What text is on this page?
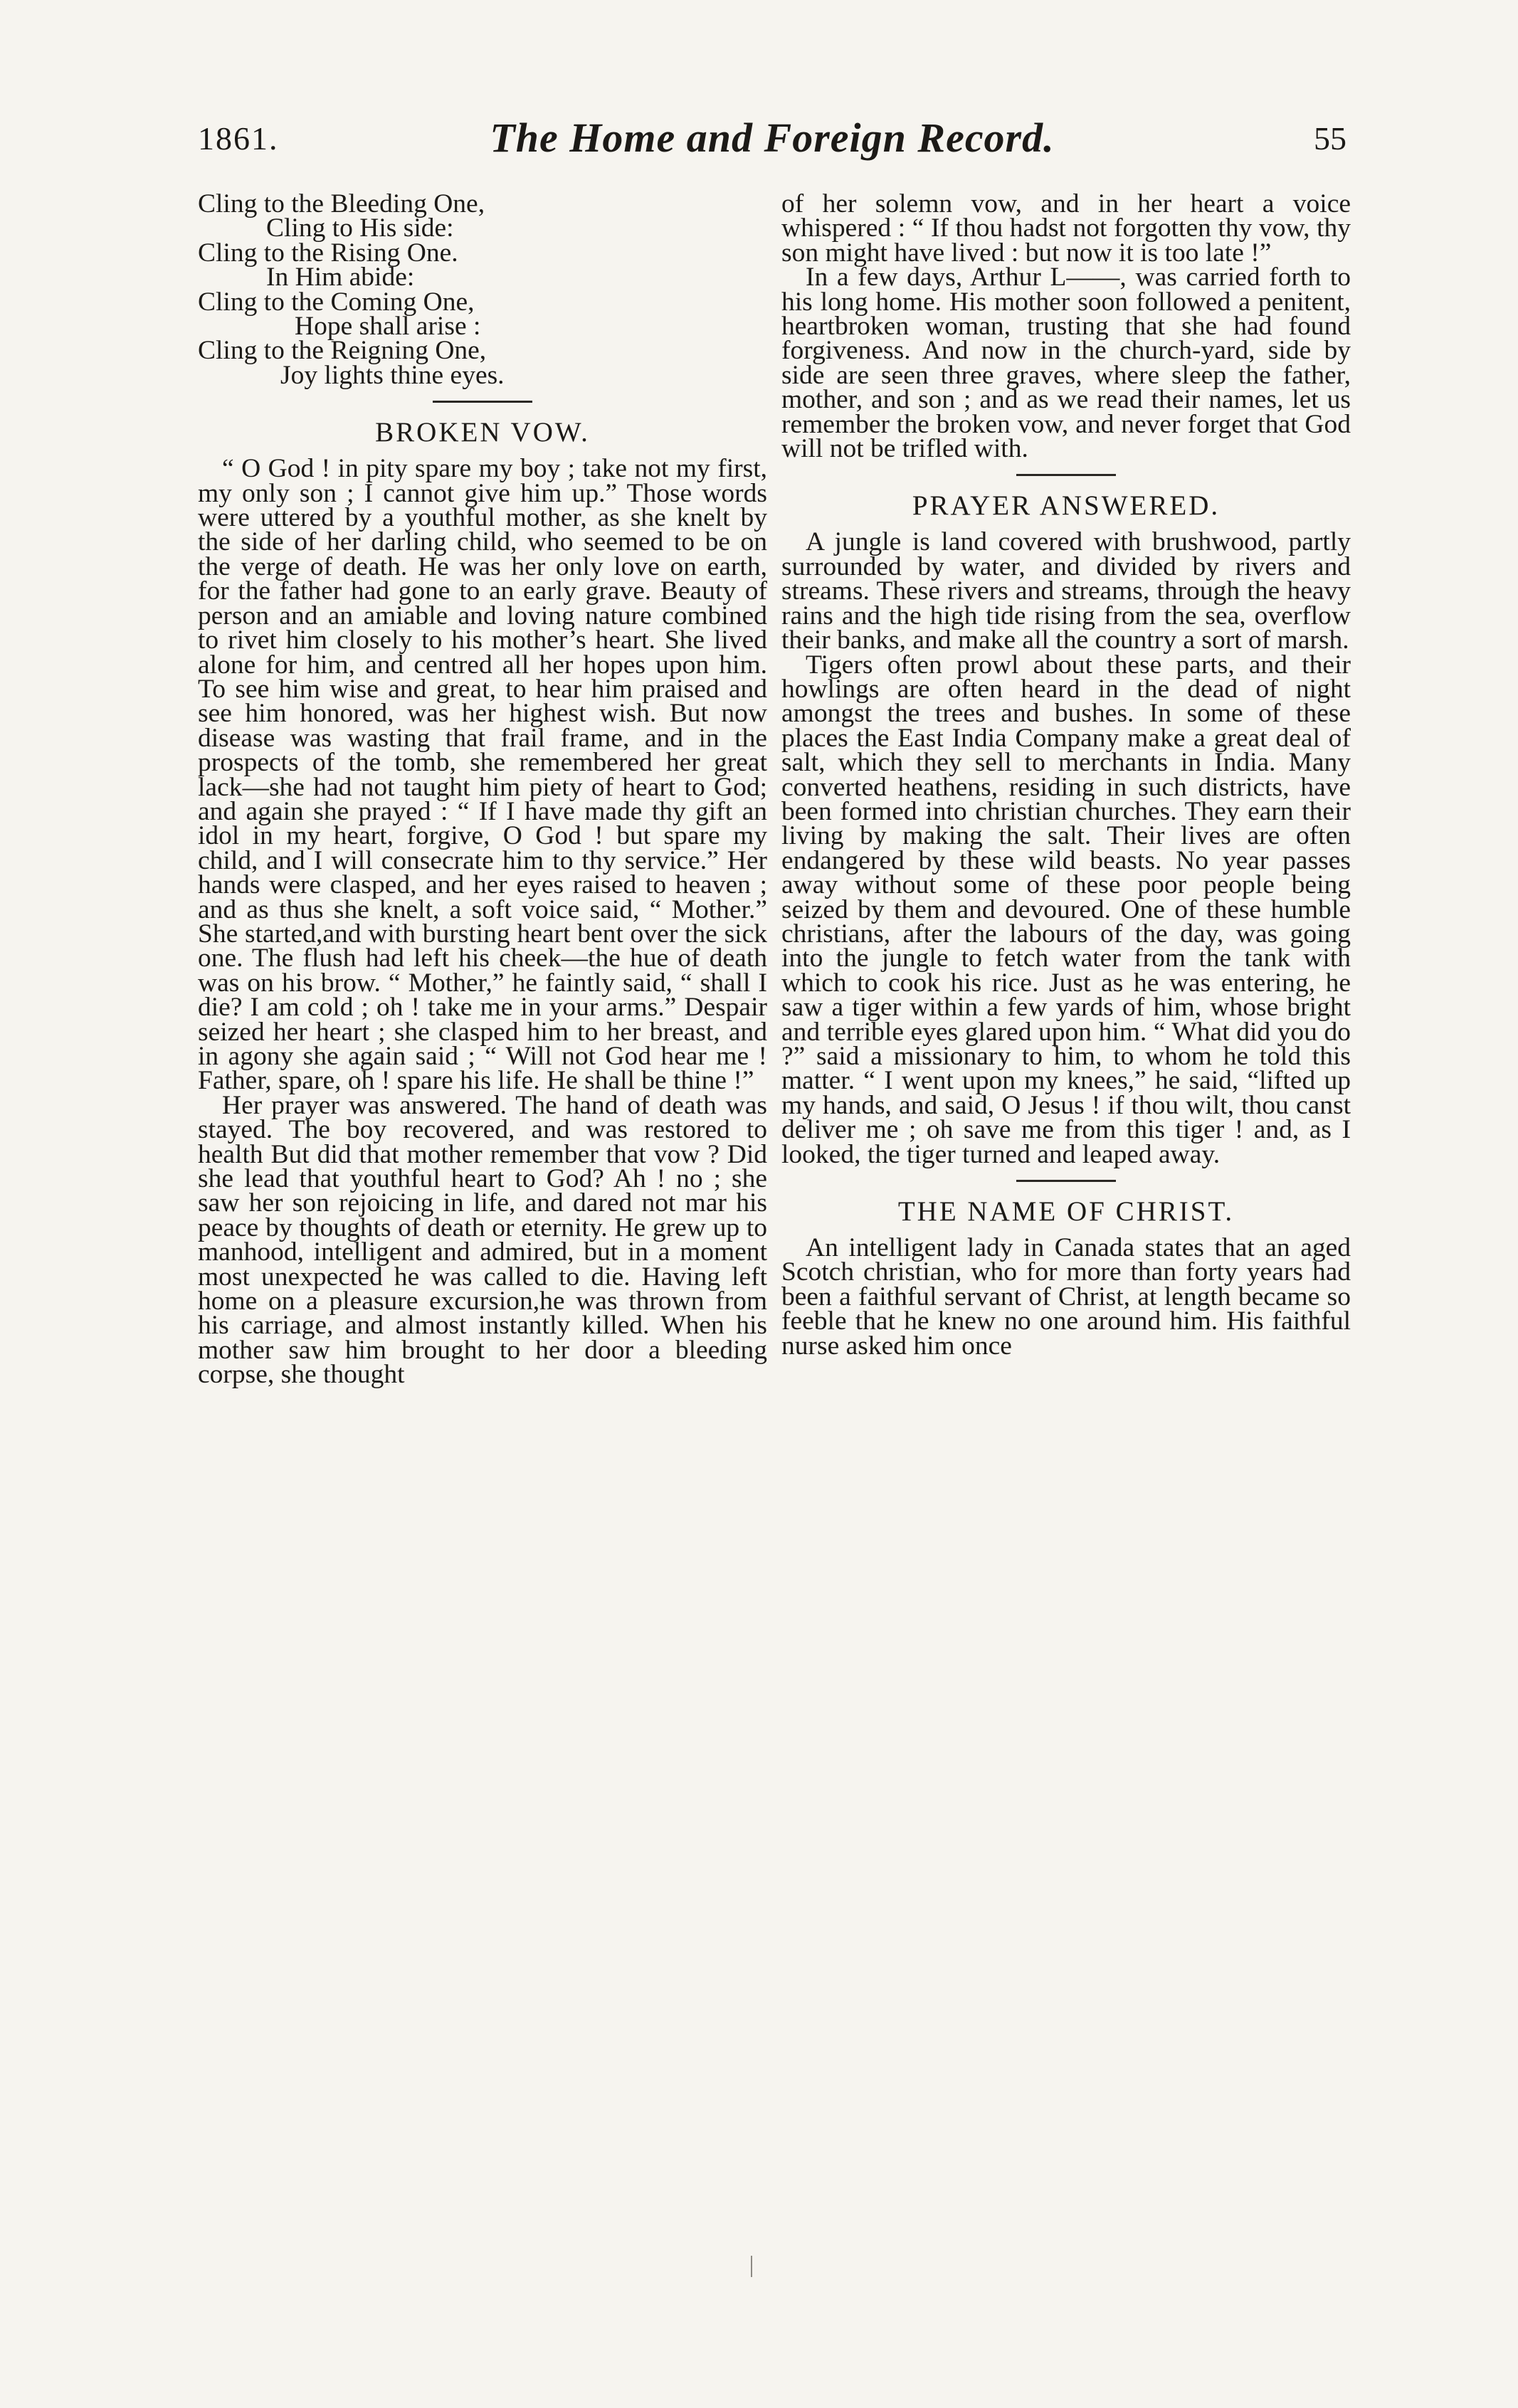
1861.	The Home and Foreign Record.	55
Cling to the Bleeding One,
Cling to His side:
Cling to the Rising One.
In Him abide:
Cling to the Coming One,
Hope shall arise :
Cling to the Reigning One,
Joy lights thine eyes.
BROKEN VOW.

“ O God ! in pity spare my boy ; take not my first, my only son ; I cannot give him up.” Those words were uttered by a youthful mother, as she knelt by the side of her darling child, who seemed to be on the verge of death. He was her only love on earth, for the father had gone to an early grave. Beauty of person and an amiable and loving nature combined to rivet him closely to his mother’s heart. She lived alone for him, and centred all her hopes upon him. To see him wise and great, to hear him praised and see him honored, was her highest wish. But now disease was wasting that frail frame, and in the prospects of the tomb, she remembered her great lack—she had not taught him piety of heart to God; and again she prayed : “ If I have made thy gift an idol in my heart, forgive, O God ! but spare my child, and I will consecrate him to thy service.” Her hands were clasped, and her eyes raised to heaven ; and as thus she knelt, a soft voice said, “ Mother.” She started,and with bursting heart bent over the sick one. The flush had left his cheek—the hue of death was on his brow. “ Mother,” he faintly said, “ shall I die? I am cold ; oh ! take me in your arms.” Despair seized her heart ; she clasped him to her breast, and in agony she again said ; “ Will not God hear me ! Father, spare, oh ! spare his life. He shall be thine !”

Her prayer was answered. The hand of death was stayed. The boy recovered, and was restored to health But did that mother remember that vow ? Did she lead that youthful heart to God? Ah ! no ; she saw her son rejoicing in life, and dared not mar his peace by thoughts of death or eternity. He grew up to manhood, intelligent and admired, but in a moment most unexpected he was called to die. Having left home on a pleasure excursion,he was thrown from his carriage, and almost instantly killed. When his mother saw him brought to her door a bleeding corpse, she thought

of her solemn vow, and in her heart a voice whispered : “ If thou hadst not forgotten thy vow, thy son might have lived : but now it is too late !”

In a few days, Arthur L——, was carried forth to his long home. His mother soon followed a penitent, heartbroken woman, trusting that she had found forgiveness. And now in the church-yard, side by side are seen three graves, where sleep the father, mother, and son ; and as we read their names, let us remember the broken vow, and never forget that God will not be trifled with.

PRAYER ANSWERED.

A jungle is land covered with brushwood, partly surrounded by water, and divided by rivers and streams. These rivers and streams, through the heavy rains and the high tide rising from the sea, overflow their banks, and make all the country a sort of marsh.

Tigers often prowl about these parts, and their howlings are often heard in the dead of night amongst the trees and bushes. In some of these places the East India Company make a great deal of salt, which they sell to merchants in India. Many converted heathens, residing in such districts, have been formed into christian churches. They earn their living by making the salt. Their lives are often endangered by these wild beasts. No year passes away without some of these poor people being seized by them and devoured. One of these humble christians, after the labours of the day, was going into the jungle to fetch water from the tank with which to cook his rice. Just as he was entering, he saw a tiger within a few yards of him, whose bright and terrible eyes glared upon him. “ What did you do ?” said a missionary to him, to whom he told this matter. “ I went upon my knees,” he said, “lifted up my hands, and said, O Jesus ! if thou wilt, thou canst deliver me ; oh save me from this tiger ! and, as I looked, the tiger turned and leaped away.

THE NAME OF CHRIST.

An intelligent lady in Canada states that an aged Scotch christian, who for more than forty years had been a faithful servant of Christ, at length became so feeble that he knew no one around him. His faithful nurse asked him once
